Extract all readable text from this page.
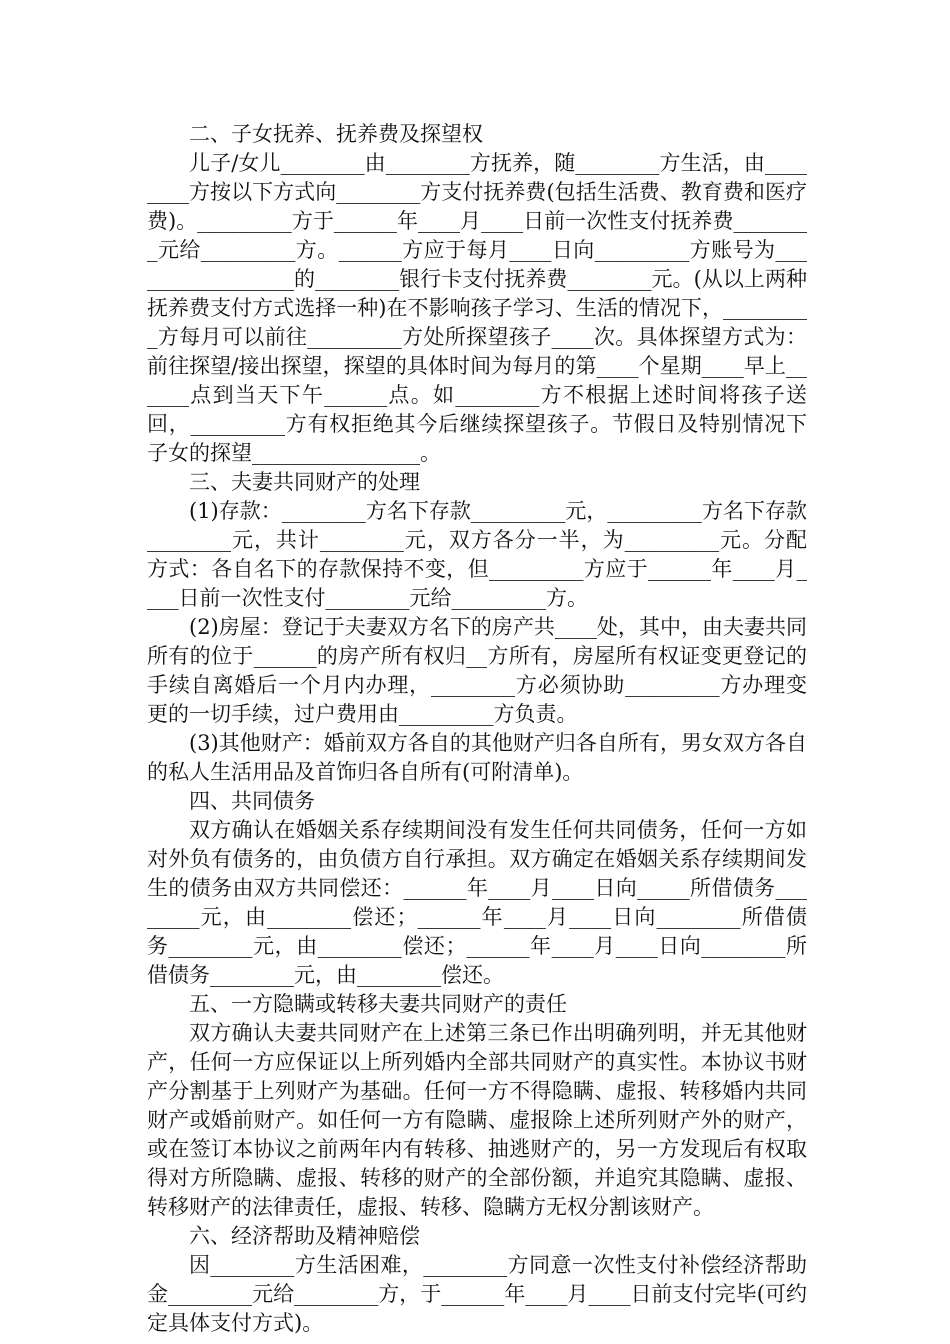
二、子女抚养、抚养费及探望权

儿子/女儿________由________方抚养，随________方生活，由________方按以下方式向________方支付抚养费(包括生活费、教育费和医疗费)。_________方于______年____月____日前一次性支付抚养费________元给_________方。______方应于每月____日向_________方账号为_________________的________银行卡支付抚养费________元。(从以上两种抚养费支付方式选择一种)在不影响孩子学习、生活的情况下，_________方每月可以前往_________方处所探望孩子____次。具体探望方式为：前往探望/接出探望，探望的具体时间为每月的第____个星期____早上______点到当天下午______点。如________方不根据上述时间将孩子送回，_________方有权拒绝其今后继续探望孩子。节假日及特别情况下子女的探望________________。

三、夫妻共同财产的处理

(1)存款：________方名下存款_________元，_________方名下存款________元，共计________元，双方各分一半，为_________元。分配方式：各自名下的存款保持不变，但_________方应于______年____月____日前一次性支付________元给_________方。

(2)房屋：登记于夫妻双方名下的房产共____处，其中，由夫妻共同所有的位于______的房产所有权归__方所有，房屋所有权证变更登记的手续自离婚后一个月内办理，________方必须协助_________方办理变更的一切手续，过户费用由_________方负责。

(3)其他财产：婚前双方各自的其他财产归各自所有，男女双方各自的私人生活用品及首饰归各自所有(可附清单)。

四、共同债务

双方确认在婚姻关系存续期间没有发生任何共同债务，任何一方如对外负有债务的，由负债方自行承担。双方确定在婚姻关系存续期间发生的债务由双方共同偿还：______年____月____日向_____所借债务________元，由________偿还；______年____月____日向________所借债务________元，由________偿还；______年____月____日向________所借债务________元，由________偿还。

五、一方隐瞒或转移夫妻共同财产的责任

双方确认夫妻共同财产在上述第三条已作出明确列明，并无其他财产，任何一方应保证以上所列婚内全部共同财产的真实性。本协议书财产分割基于上列财产为基础。任何一方不得隐瞒、虚报、转移婚内共同财产或婚前财产。如任何一方有隐瞒、虚报除上述所列财产外的财产，或在签订本协议之前两年内有转移、抽逃财产的，另一方发现后有权取得对方所隐瞒、虚报、转移的财产的全部份额，并追究其隐瞒、虚报、转移财产的法律责任，虚报、转移、隐瞒方无权分割该财产。

六、经济帮助及精神赔偿

因________方生活困难，________方同意一次性支付补偿经济帮助金________元给________方，于______年____月____日前支付完毕(可约定具体支付方式)。
